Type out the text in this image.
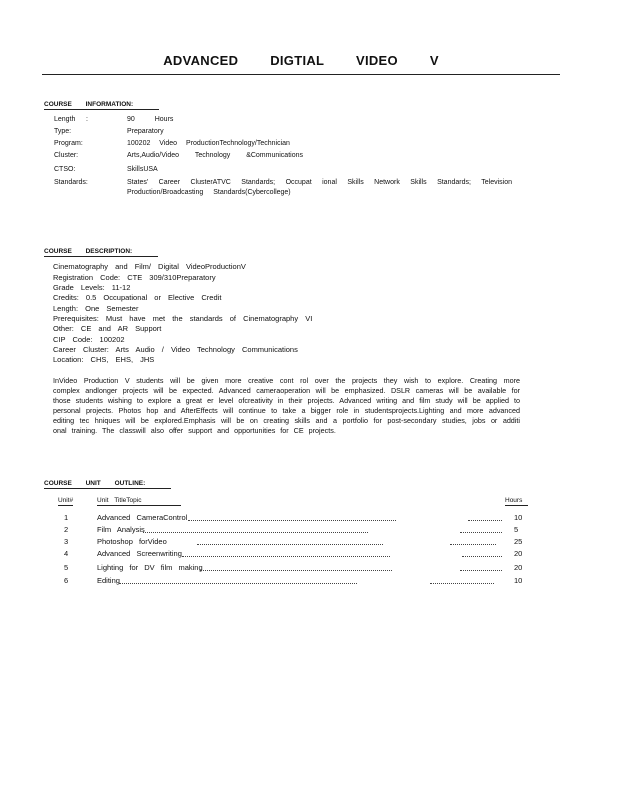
ADVANCED DIGTIAL VIDEO V
COURSE INFORMATION:
Length :	90 Hours
Type:	Preparatory
Program:	100202 Video ProductionTechnology/Technician
Cluster:	Arts,Audio/Video Technology &Communications
CTSO:	SkillsUSA
Standards:	States' Career ClusterATVC Standards; Occupat ional Skills Network Skills Standards; Television Production/Broadcasting Standards(Cybercollege)
COURSE DESCRIPTION:
Cinematography and Film/ Digital VideoProductionV
Registration Code: CTE 309/310Preparatory
Grade Levels: 11-12
Credits: 0.5 Occupational or Elective Credit
Length: One Semester
Prerequisites: Must have met the standards of Cinematography VI
Other: CE and AR Support
CIP Code: 100202
Career Cluster: Arts Audio / Video Technology Communications
Location: CHS, EHS, JHS
InVideo Production V students will be given more creative cont rol over the projects they wish to explore. Creating more complex andlonger projects will be expected. Advanced cameraoperation will be emphasized. DSLR cameras will be available for those students wishing to explore a great er level ofcreativity in their projects. Advanced writing and film study will be applied to personal projects. Photos hop and AfterEffects will continue to take a bigger role in studentsprojects.Lighting and more advanced editing tec hniques will be explored.Emphasis will be on creating skills and a portfolio for post-secondary studies, jobs or additi onal training. The classwill also offer support and opportunities for CE projects.
COURSE UNIT OUTLINE:
Unit#	Unit TitleTopic	Hours
1	Advanced CameraControl	10
2	Film Analysis	5
3	Photoshop forVideo	25
4	Advanced Screenwriting	20
5	Lighting for DV film making	20
6	Editing	10
